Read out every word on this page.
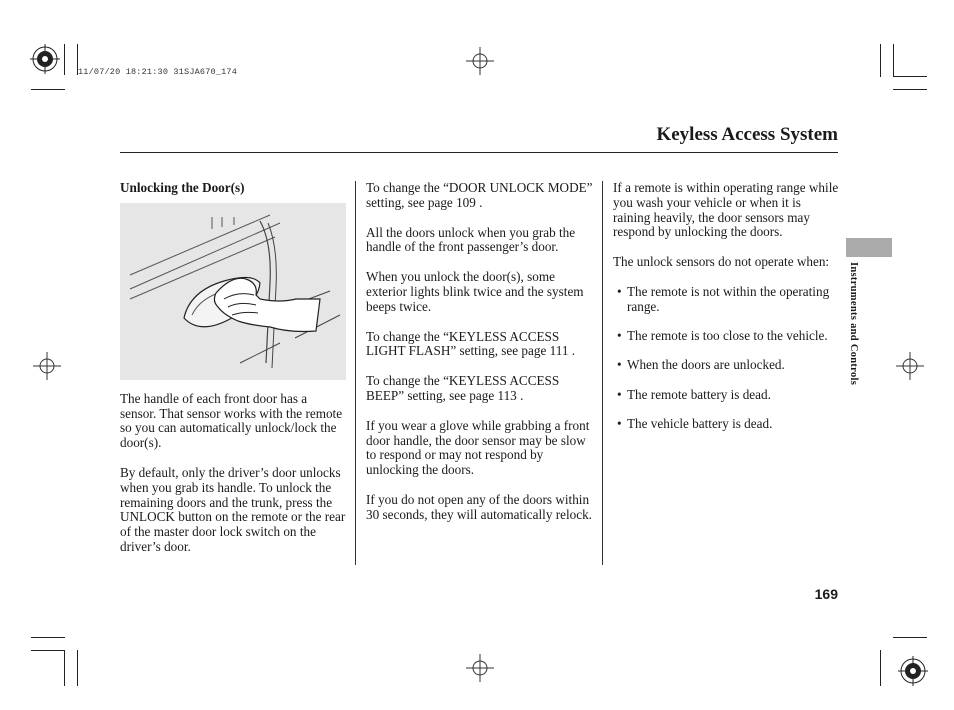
11/07/20 18:21:30 31SJA670_174
Keyless Access System

Unlocking the Door(s)

The handle of each front door has a sensor. That sensor works with the remote so you can automatically unlock/lock the door(s).

By default, only the driver’s door unlocks when you grab its handle. To unlock the remaining doors and the trunk, press the UNLOCK button on the remote or the rear of the master door lock switch on the driver’s door.

To change the “DOOR UNLOCK MODE” setting, see page 109 .

All the doors unlock when you grab the handle of the front passenger’s door.

When you unlock the door(s), some exterior lights blink twice and the system beeps twice.

To change the “KEYLESS ACCESS LIGHT FLASH” setting, see page 111 .

To change the “KEYLESS ACCESS BEEP” setting, see page 113 .

If you wear a glove while grabbing a front door handle, the door sensor may be slow to respond or may not respond by unlocking the doors.

If you do not open any of the doors within 30 seconds, they will automatically relock.

If a remote is within operating range while you wash your vehicle or when it is raining heavily, the door sensors may respond by unlocking the doors.

The unlock sensors do not operate when:

• The remote is not within the operating range.
• The remote is too close to the vehicle.
• When the doors are unlocked.
• The remote battery is dead.
• The vehicle battery is dead.
Instruments and Controls
169
